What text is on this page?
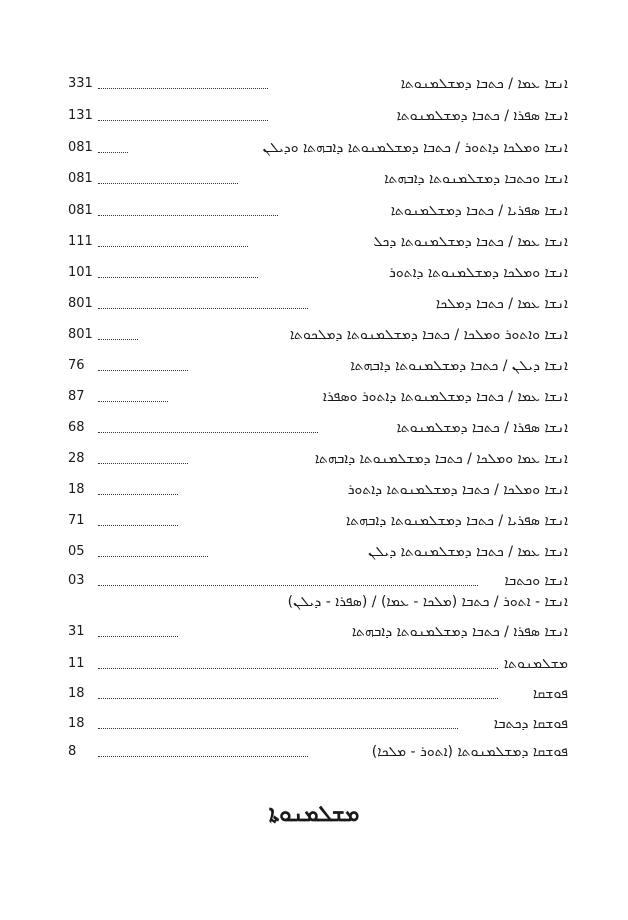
331	ܐܢܫܐ ܥܡܐ / ܟܬܒܐ ܕܡܫܠܡܢܘܬܐ
131	ܐܢܫܐ ܣܦܪܐ / ܟܬܒܐ ܕܡܫܠܡܢܘܬܐ
081	ܐܢܫܐ ܘܡܠܟܐ ܕܐܬܘܪ / ܟܬܒܐ ܕܡܫܠܡܢܘܬܐ ܕܐܒܗܬܐ ܘܕܝܠܢ
081	ܐܢܫܐ ܘܟܬܒܐ ܕܡܫܠܡܢܘܬܐ ܕܐܒܗܬܐ
081	ܐܢܫܐ ܣܦܪܝܐ / ܟܬܒܐ ܕܡܫܠܡܢܘܬܐ
111	ܐܢܫܐ ܥܡܐ / ܟܬܒܐ ܕܡܫܠܡܢܘܬܐ ܕܟܠ
101	ܐܢܫܐ ܘܡܠܟܐ ܕܡܫܠܡܢܘܬܐ ܕܐܬܘܪ
801	ܐܢܫܐ ܥܡܐ / ܟܬܒܐ ܕܡܠܟܐ
801	ܐܢܫܐ ܘܐܬܘܪ ܘܡܠܟܐ / ܟܬܒܐ ܕܡܫܠܡܢܘܬܐ ܕܡܠܟܘܬܐ
76	ܐܢܫܐ ܕܝܠܢ / ܟܬܒܐ ܕܡܫܠܡܢܘܬܐ ܕܐܒܗܬܐ
87	ܐܢܫܐ ܥܡܐ / ܟܬܒܐ ܕܡܫܠܡܢܘܬܐ ܕܐܬܘܪ ܘܣܦܪܐ
68	ܐܢܫܐ ܣܦܪܐ / ܟܬܒܐ ܕܡܫܠܡܢܘܬܐ
28	ܐܢܫܐ ܥܡܐ ܘܡܠܟܐ / ܟܬܒܐ ܕܡܫܠܡܢܘܬܐ ܕܐܒܗܬܐ
18	ܐܢܫܐ ܘܡܠܟܐ / ܟܬܒܐ ܕܡܫܠܡܢܘܬܐ ܕܐܬܘܪ
71	ܐܢܫܐ ܣܦܪܝܐ / ܟܬܒܐ ܕܡܫܠܡܢܘܬܐ ܕܐܒܗܬܐ
05	ܐܢܫܐ ܥܡܐ / ܟܬܒܐ ܕܡܫܠܡܢܘܬܐ ܕܝܠܢ
03	ܐܢܫܐ ܘܟܬܒܐ
ܐܢܫܐ - ܐܬܘܪ / ܟܬܒܐ (ܡܠܟܐ - ܥܡܐ) / (ܣܦܪܐ - ܕܝܠܢ)
31	ܐܢܫܐ ܣܦܪܐ / ܟܬܒܐ ܕܡܫܠܡܢܘܬܐ ܕܐܒܗܬܐ
11	ܡܫܠܡܢܘܬܐ
18	ܦܘܫܩܐ
18	ܦܘܫܩܐ ܕܟܬܒܐ
8	ܦܘܫܩܐ ܕܡܫܠܡܢܘܬܐ (ܐܬܘܪ - ܡܠܟܐ)
ܡܫܠܡܢܘܬܐ
